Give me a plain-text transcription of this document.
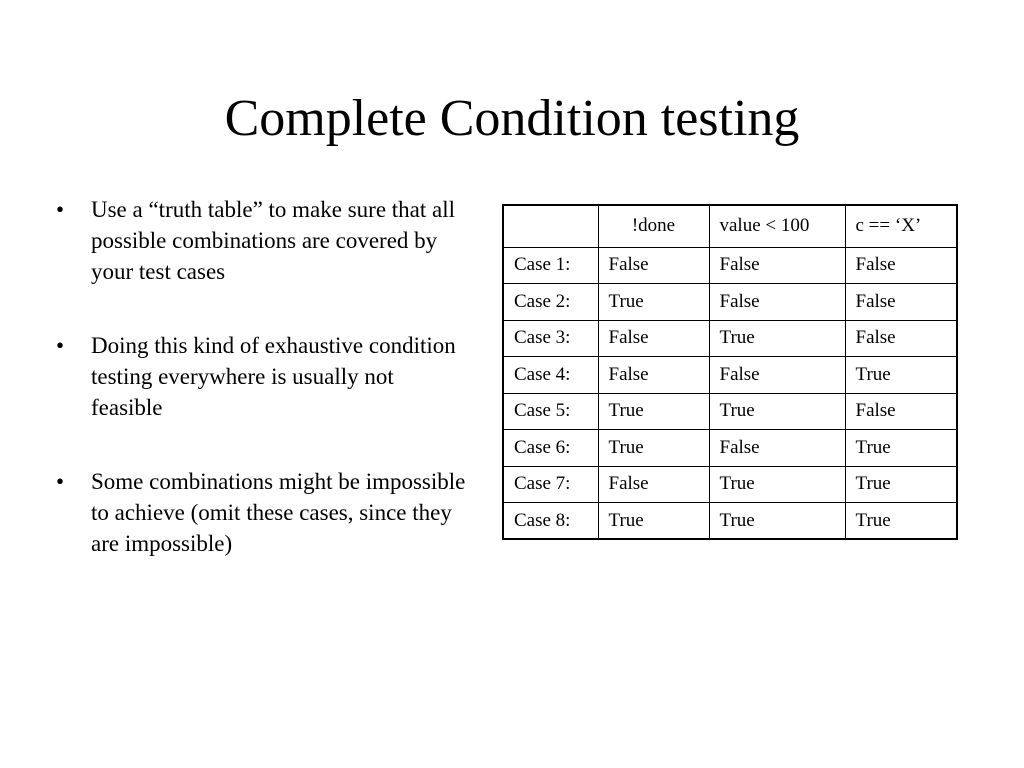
Complete Condition testing
• Use a “truth table” to make sure that all possible combinations are covered by your test cases
• Doing this kind of exhaustive condition testing everywhere is usually not feasible
• Some combinations might be impossible to achieve (omit these cases, since they are impossible)
	!done	value < 100	c == ‘X’
Case 1:	False	False	False
Case 2:	True	False	False
Case 3:	False	True	False
Case 4:	False	False	True
Case 5:	True	True	False
Case 6:	True	False	True
Case 7:	False	True	True
Case 8:	True	True	True
